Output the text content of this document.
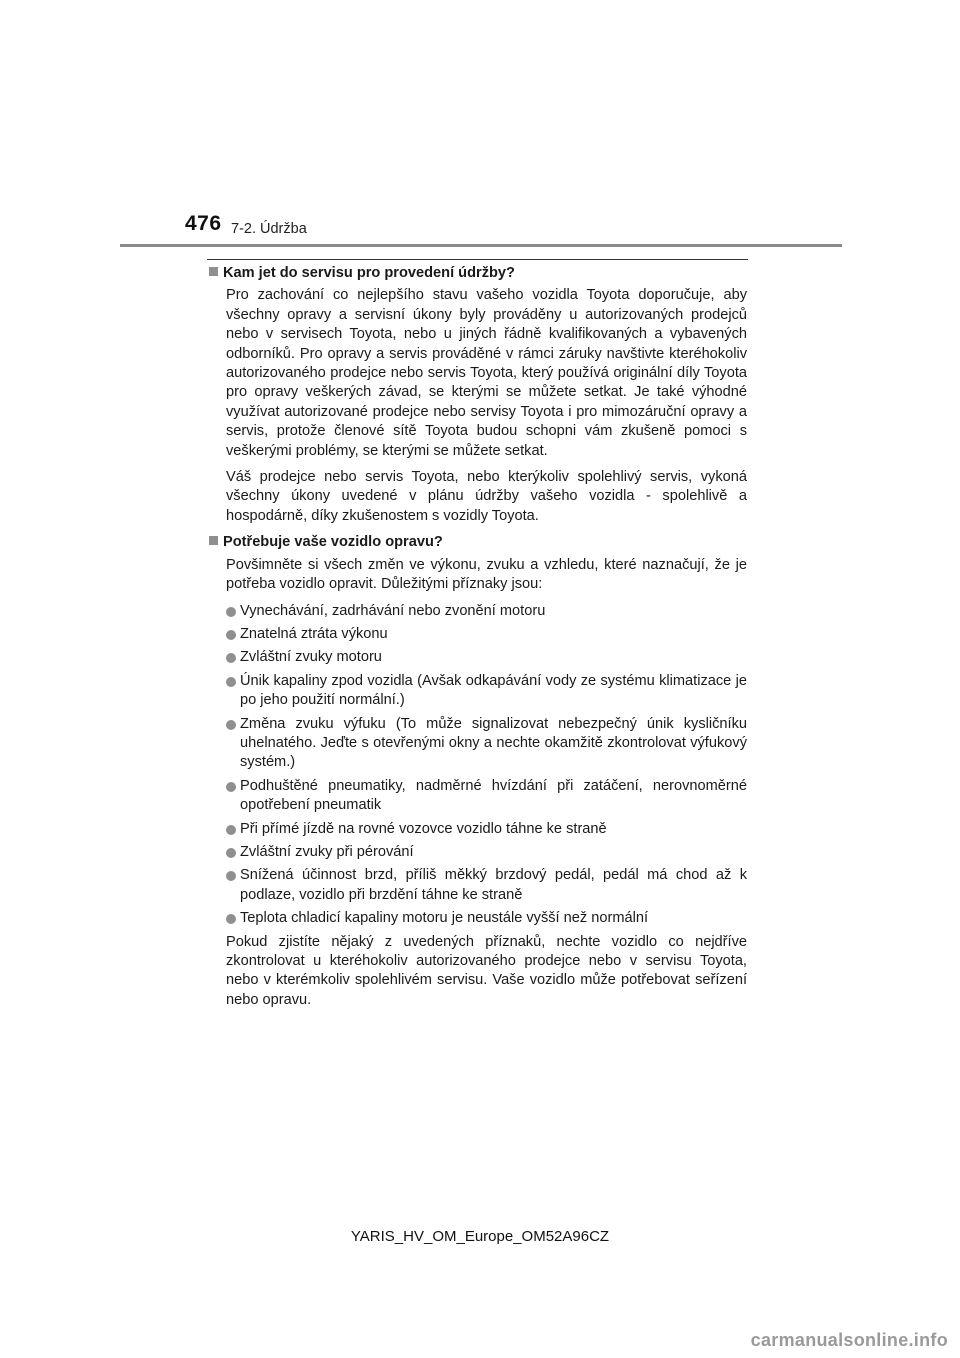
476 7-2. Údržba
Kam jet do servisu pro provedení údržby?

Pro zachování co nejlepšího stavu vašeho vozidla Toyota doporučuje, aby všechny opravy a servisní úkony byly prováděny u autorizovaných prodejců nebo v servisech Toyota, nebo u jiných řádně kvalifikovaných a vybavených odborníků. Pro opravy a servis prováděné v rámci záruky navštivte kteréhokoliv autorizovaného prodejce nebo servis Toyota, který používá originální díly Toyota pro opravy veškerých závad, se kterými se můžete setkat. Je také výhodné využívat autorizované prodejce nebo servisy Toyota i pro mimozáruční opravy a servis, protože členové sítě Toyota budou schopni vám zkušeně pomoci s veškerými problémy, se kterými se můžete setkat.

Váš prodejce nebo servis Toyota, nebo kterýkoliv spolehlivý servis, vykoná všechny úkony uvedené v plánu údržby vašeho vozidla - spolehlivě a hospodárně, díky zkušenostem s vozidly Toyota.

Potřebuje vaše vozidlo opravu?

Povšimněte si všech změn ve výkonu, zvuku a vzhledu, které naznačují, že je potřeba vozidlo opravit. Důležitými příznaky jsou:

Vynechávání, zadrhávání nebo zvonění motoru
Znatelná ztráta výkonu
Zvláštní zvuky motoru
Únik kapaliny zpod vozidla (Avšak odkapávání vody ze systému klimatizace je po jeho použití normální.)
Změna zvuku výfuku (To může signalizovat nebezpečný únik kysličníku uhelnatého. Jeďte s otevřenými okny a nechte okamžitě zkontrolovat výfukový systém.)
Podhuštěné pneumatiky, nadměrné hvízdání při zatáčení, nerovnoměrné opotřebení pneumatik
Při přímé jízdě na rovné vozovce vozidlo táhne ke straně
Zvláštní zvuky při pérování
Snížená účinnost brzd, příliš měkký brzdový pedál, pedál má chod až k podlaze, vozidlo při brzdění táhne ke straně
Teplota chladicí kapaliny motoru je neustále vyšší než normální

Pokud zjistíte nějaký z uvedených příznaků, nechte vozidlo co nejdříve zkontrolovat u kteréhokoliv autorizovaného prodejce nebo v servisu Toyota, nebo v kterémkoliv spolehlivém servisu. Vaše vozidlo může potřebovat seřízení nebo opravu.

YARIS_HV_OM_Europe_OM52A96CZ
carmanualsonline.info
